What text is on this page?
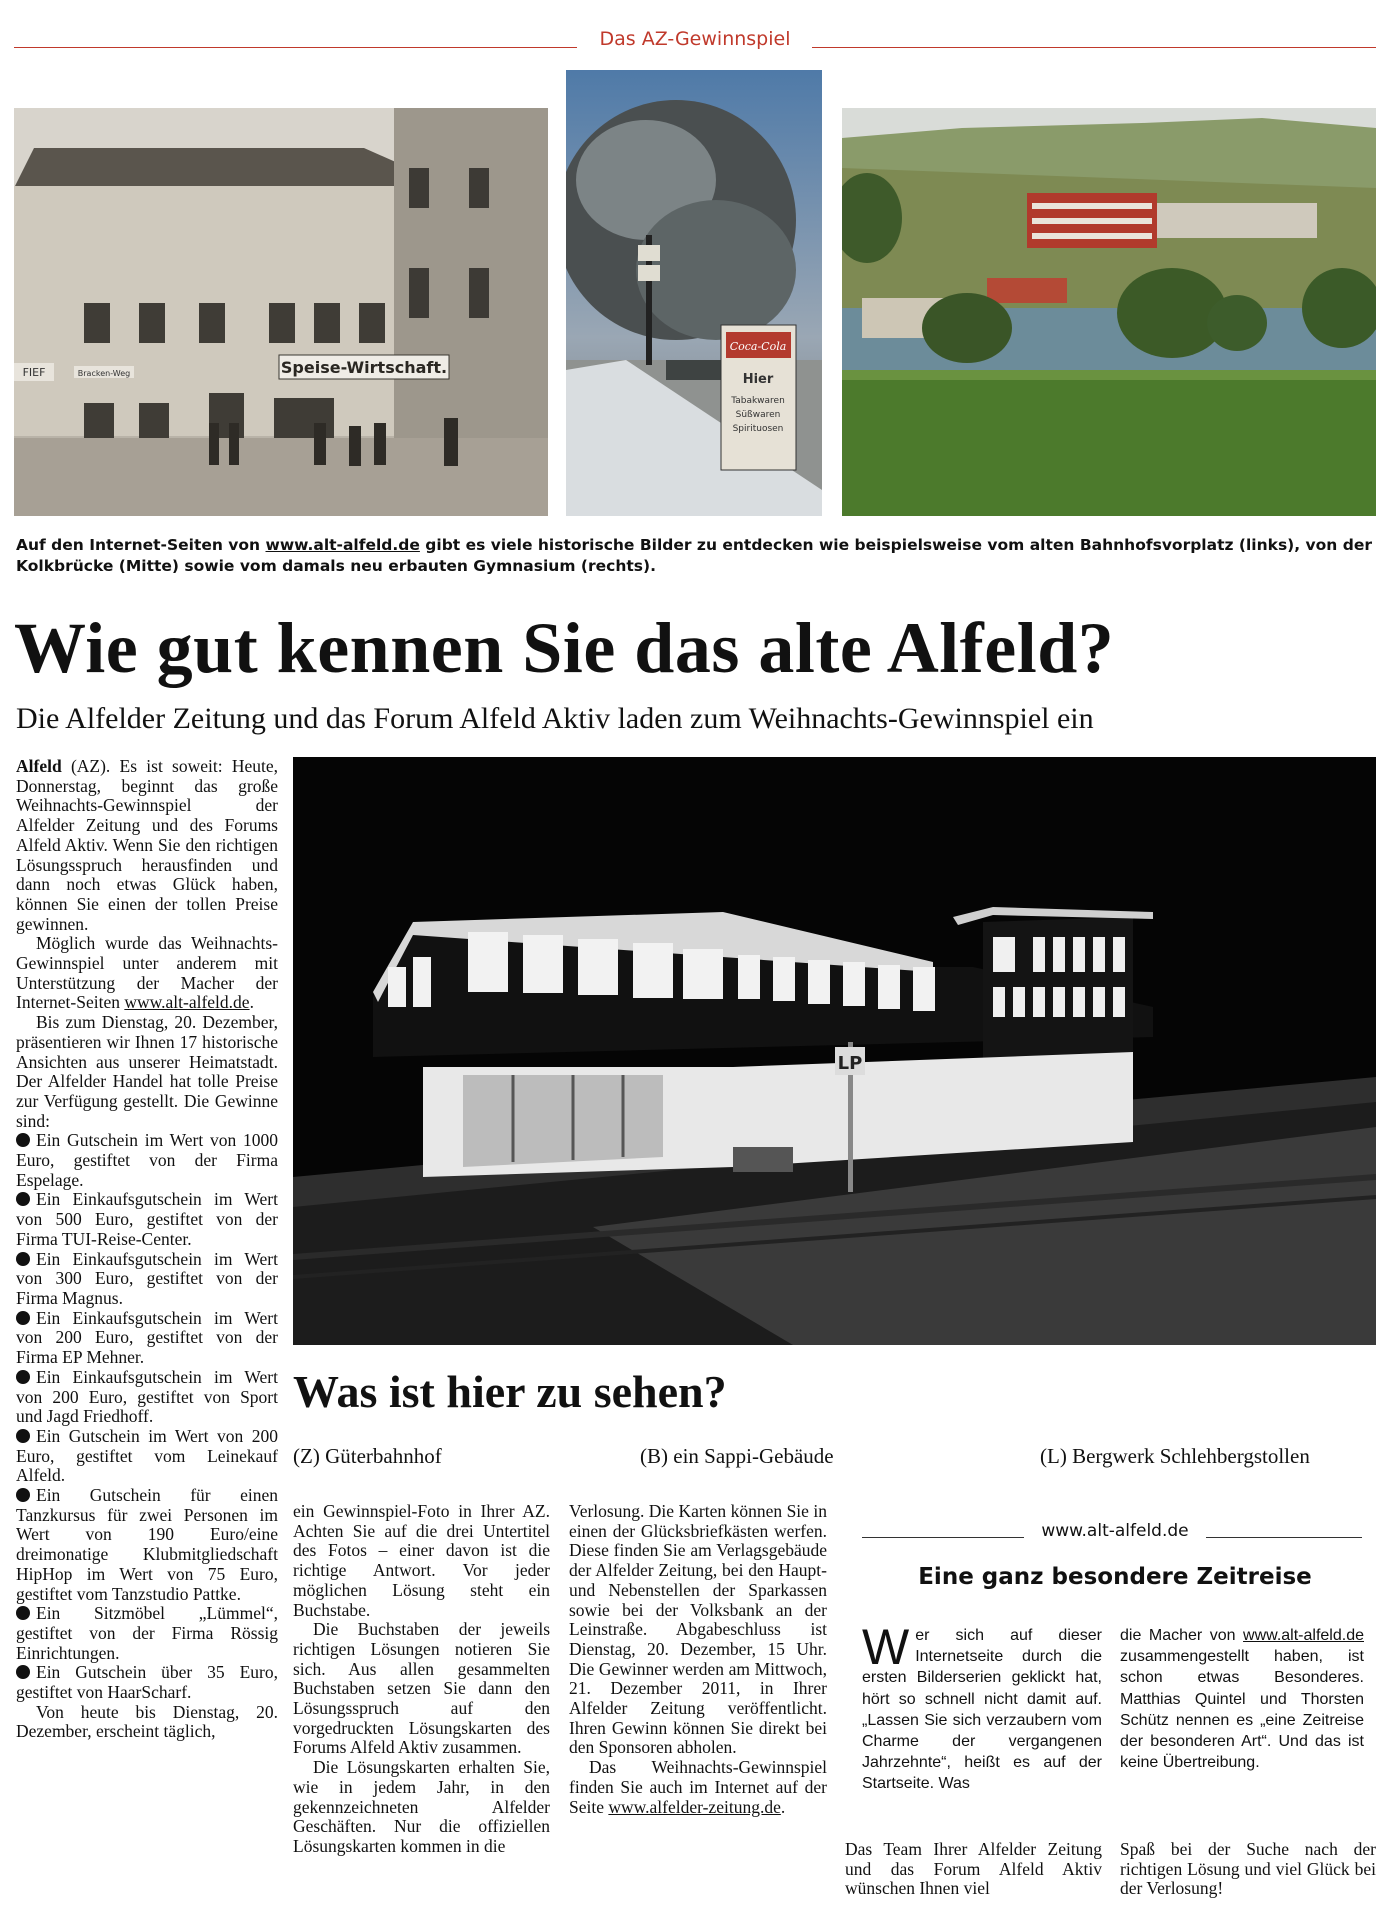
Das AZ-Gewinnspiel
Speise-Wirtschaft.
FIEF	Bracken-Weg
Coca-Cola
Hier
Tabakwaren
Süßwaren
Spirituosen
Auf den Internet-Seiten von www.alt-alfeld.de gibt es viele historische Bilder zu entdecken wie beispielsweise vom alten Bahnhofsvorplatz (links), von der Kolkbrücke (Mitte) sowie vom damals neu erbauten Gymnasium (rechts).
Wie gut kennen Sie das alte Alfeld?
Die Alfelder Zeitung und das Forum Alfeld Aktiv laden zum Weihnachts-Gewinnspiel ein

Alfeld (AZ). Es ist soweit: Heute, Donnerstag, beginnt das große Weihnachts-Gewinnspiel der Alfelder Zeitung und des Forums Alfeld Aktiv. Wenn Sie den richtigen Lösungsspruch herausfinden und dann noch etwas Glück haben, können Sie einen der tollen Preise gewinnen.

Möglich wurde das Weihnachts-Gewinnspiel unter anderem mit Unterstützung der Macher der Internet-Seiten www.alt-alfeld.de.

Bis zum Dienstag, 20. Dezember, präsentieren wir Ihnen 17 historische Ansichten aus unserer Heimatstadt. Der Alfelder Handel hat tolle Preise zur Verfügung gestellt. Die Gewinne sind:

Ein Gutschein im Wert von 1000 Euro, gestiftet von der Firma Espelage.

Ein Einkaufsgutschein im Wert von 500 Euro, gestiftet von der Firma TUI-Reise-Center.

Ein Einkaufsgutschein im Wert von 300 Euro, gestiftet von der Firma Magnus.

Ein Einkaufsgutschein im Wert von 200 Euro, gestiftet von der Firma EP Mehner.

Ein Einkaufsgutschein im Wert von 200 Euro, gestiftet von Sport und Jagd Friedhoff.

Ein Gutschein im Wert von 200 Euro, gestiftet vom Leinekauf Alfeld.

Ein Gutschein für einen Tanzkursus für zwei Personen im Wert von 190 Euro/eine dreimonatige Klubmitgliedschaft HipHop im Wert von 75 Euro, gestiftet vom Tanzstudio Pattke.

Ein Sitzmöbel „Lümmel“, gestiftet von der Firma Rössig Einrichtungen.

Ein Gutschein über 35 Euro, gestiftet von HaarScharf.

Von heute bis Dienstag, 20. Dezember, erscheint täglich,

LP
Was ist hier zu sehen?
(Z) Güterbahnhof	(B) ein Sappi-Gebäude	(L) Bergwerk Schlehbergstollen

ein Gewinnspiel-Foto in Ihrer AZ. Achten Sie auf die drei Untertitel des Fotos – einer davon ist die richtige Antwort. Vor jeder möglichen Lösung steht ein Buchstabe.

Die Buchstaben der jeweils richtigen Lösungen notieren Sie sich. Aus allen gesammelten Buchstaben setzen Sie dann den Lösungsspruch auf den vorgedruckten Lösungskarten des Forums Alfeld Aktiv zusammen.

Die Lösungskarten erhalten Sie, wie in jedem Jahr, in den gekennzeichneten Alfelder Geschäften. Nur die offiziellen Lösungskarten kommen in die

Verlosung. Die Karten können Sie in einen der Glücksbriefkästen werfen. Diese finden Sie am Verlagsgebäude der Alfelder Zeitung, bei den Haupt- und Nebenstellen der Sparkassen sowie bei der Volksbank an der Leinstraße. Abgabeschluss ist Dienstag, 20. Dezember, 15 Uhr. Die Gewinner werden am Mittwoch, 21. Dezember 2011, in Ihrer Alfelder Zeitung veröffentlicht. Ihren Gewinn können Sie direkt bei den Sponsoren abholen.

Das Weihnachts-Gewinnspiel finden Sie auch im Internet auf der Seite www.alfelder-zeitung.de.

www.alt-alfeld.de
Eine ganz besondere Zeitreise
Wer sich auf dieser Internetseite durch die ersten Bilderserien geklickt hat, hört so schnell nicht damit auf. „Lassen Sie sich verzaubern vom Charme der vergangenen Jahrzehnte“, heißt es auf der Startseite. Was
die Macher von www.alt-alfeld.de zusammengestellt haben, ist schon etwas Besonderes. Matthias Quintel und Thorsten Schütz nennen es „eine Zeitreise der besonderen Art“. Und das ist keine Übertreibung.
Das Team Ihrer Alfelder Zeitung und das Forum Alfeld Aktiv wünschen Ihnen viel
Spaß bei der Suche nach der richtigen Lösung und viel Glück bei der Verlosung!
